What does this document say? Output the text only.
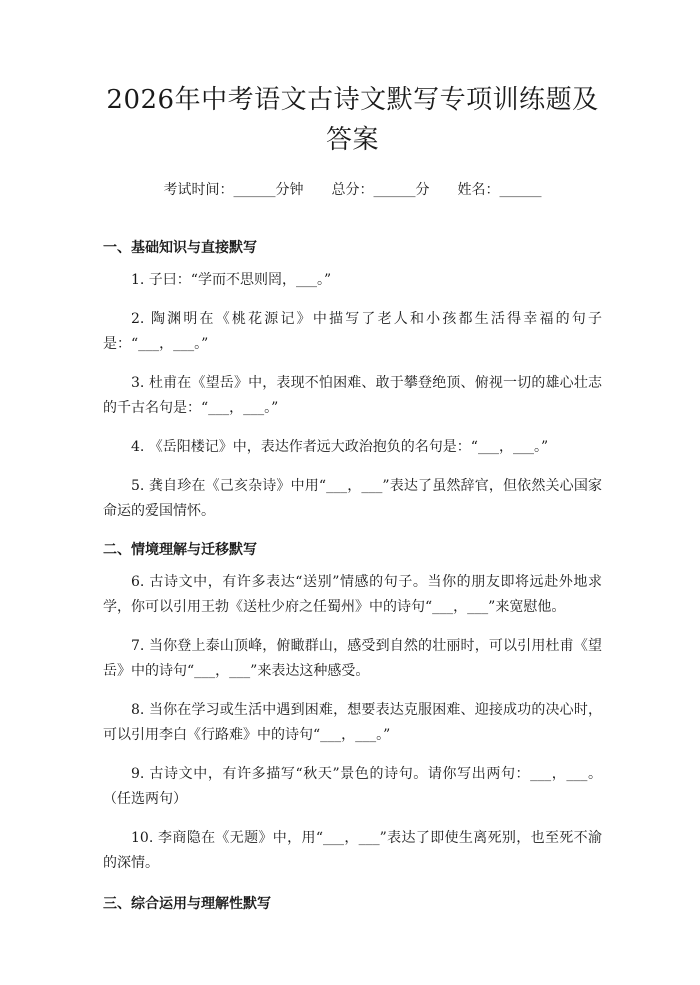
2026年中考语文古诗文默写专项训练题及答案
考试时间：______分钟 总分：______分 姓名：______
一、基础知识与直接默写

1. 子曰：“学而不思则罔，___。”

2. 陶渊明在《桃花源记》中描写了老人和小孩都生活得幸福的句子是：“___，___。”

3. 杜甫在《望岳》中，表现不怕困难、敢于攀登绝顶、俯视一切的雄心壮志的千古名句是：“___，___。”

4. 《岳阳楼记》中，表达作者远大政治抱负的名句是：“___，___。”

5. 龚自珍在《己亥杂诗》中用“___，___”表达了虽然辞官，但依然关心国家命运的爱国情怀。

二、情境理解与迁移默写

6. 古诗文中，有许多表达“送别”情感的句子。当你的朋友即将远赴外地求学，你可以引用王勃《送杜少府之任蜀州》中的诗句“___，___”来宽慰他。

7. 当你登上泰山顶峰，俯瞰群山，感受到自然的壮丽时，可以引用杜甫《望岳》中的诗句“___，___”来表达这种感受。

8. 当你在学习或生活中遇到困难，想要表达克服困难、迎接成功的决心时，可以引用李白《行路难》中的诗句“___，___。”

9. 古诗文中，有许多描写“秋天”景色的诗句。请你写出两句：___，___。（任选两句）

10. 李商隐在《无题》中，用“___，___”表达了即使生离死别，也至死不渝的深情。

三、综合运用与理解性默写
